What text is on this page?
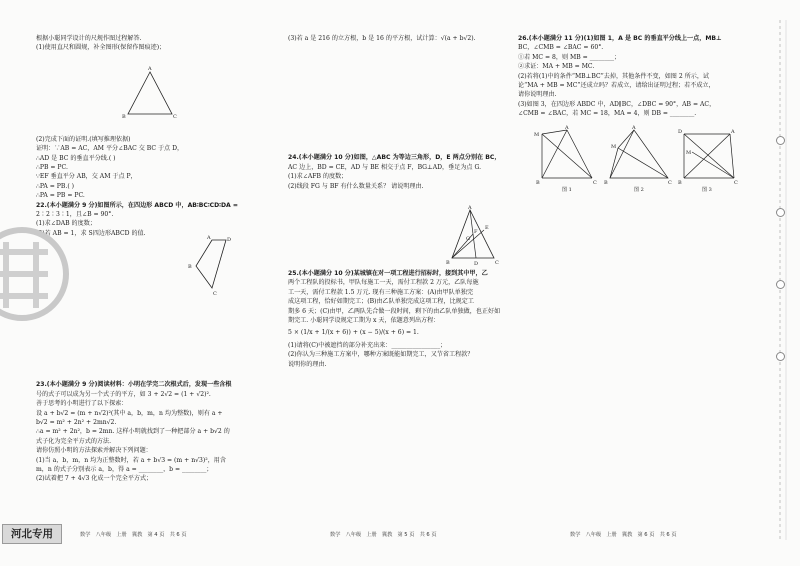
根据小聪同学设计的尺规作图过程解答.

(1)使用直尺和圆规，补全图形(保留作图痕迹)；

(2)完成下面的证明.(填写推理依据)

证明：∵AB = AC，AM 平分∠BAC 交 BC 于点 D，

∴AD 是 BC 的垂直平分线.( )

∴PB = PC.

∵EF 垂直平分 AB，交 AM 于点 P，

∴PA = PB.( )

∴PA = PB = PC.

22.(本小题满分 9 分)如图所示，在四边形 ABCD 中，AB∶BC∶CD∶DA =

2∶2∶3∶1，且∠B = 90°.

(1)求∠DAB 的度数；

(2)若 AB = 1，求 S四边形ABCD 的值.

23.(本小题满分 9 分)阅读材料：小明在学完二次根式后，发现一些含根

号的式子可以成为另一个式子的平方，如 3 + 2√2 = (1 + √2)².

善于思考的小明进行了以下探索：

设 a + b√2 = (m + n√2)²(其中 a，b，m，n 均为整数)，则有 a +

b√2 = m² + 2n² + 2mn√2.

∴a = m² + 2n²，b = 2mn. 这样小明就找到了一种把部分 a + b√2 的

式子化为完全平方式的方法.

请你仿照小明的方法探索并解决下列问题：

(1)当 a，b，m，n 均为正整数时，若 a + b√3 = (m + n√3)²，用含

m，n 的式子分别表示 a，b，得 a = ________，b = ________；

(2)试着把 7 + 4√3 化成一个完全平方式；

A
B	C
A
B
C
D

(3)若 a 是 216 的立方根，b 是 16 的平方根，试计算：√(a + b√2).

24.(本小题满分 10 分)如图，△ABC 为等边三角形，D，E 两点分别在 BC，

AC 边上，BD = CE，AD 与 BE 相交于点 F，BG⊥AD，垂足为点 G.

(1)求∠AFB 的度数；

(2)线段 FG 与 BF 有什么数量关系？ 请说明理由.

25.(本小题满分 10 分)某城镇在对一项工程进行招标时，接到其中甲，乙

两个工程队的投标书，甲队每施工一天，需付工程款 2 万元，乙队每施

工一天，需付工程款 1.5 万元. 现有三种施工方案：(A)由甲队单独完

成这项工程，恰好如期完工；(B)由乙队单独完成这项工程，比规定工

期多 6 天；(C)由甲，乙两队先合做一段时间，剩下的由乙队单独做，也正好如

期完工. 小聪同学设规定工期为 x 天，依题意列出方程：

5 × (1/x + 1/(x + 6)) + (x − 5)/(x + 6) = 1.

(1)请将(C)中被遮挡的部分补充出来：________________；

(2)你认为三种施工方案中，哪种方案既能如期完工，又节省工程款？

说明你的理由.

A
E
F
G
B	D	C

26.(本小题满分 11 分)(1)如图 1，A 是 BC 的垂直平分线上一点，MB⊥

BC，∠CMB = ∠BAC = 60°.

①若 MC = 8，则 MB = ________；

②求证：MA + MB = MC.

(2)若将(1)中的条件“MB⊥BC”去掉，其他条件不变，如图 2 所示，试

论“MA + MB = MC”还成立吗？若成立，请给出证明过程；若不成立，

请你说明理由.

(3)如图 3，在四边形 ABDC 中，AD∥BC，∠DBC = 90°，AB = AC，

∠CMB = ∠BAC，若 MC = 18，MA = 4，则 DB = ________.

M
A
B	C
图 1
A
M
B	C
图 2
D	A
M
B	C
图 3
河北专用	数学　八年级　上册　冀教　第 4 页　共 6 页	数学　八年级　上册　冀教　第 5 页　共 6 页	数学　八年级　上册　冀教　第 6 页　共 6 页
